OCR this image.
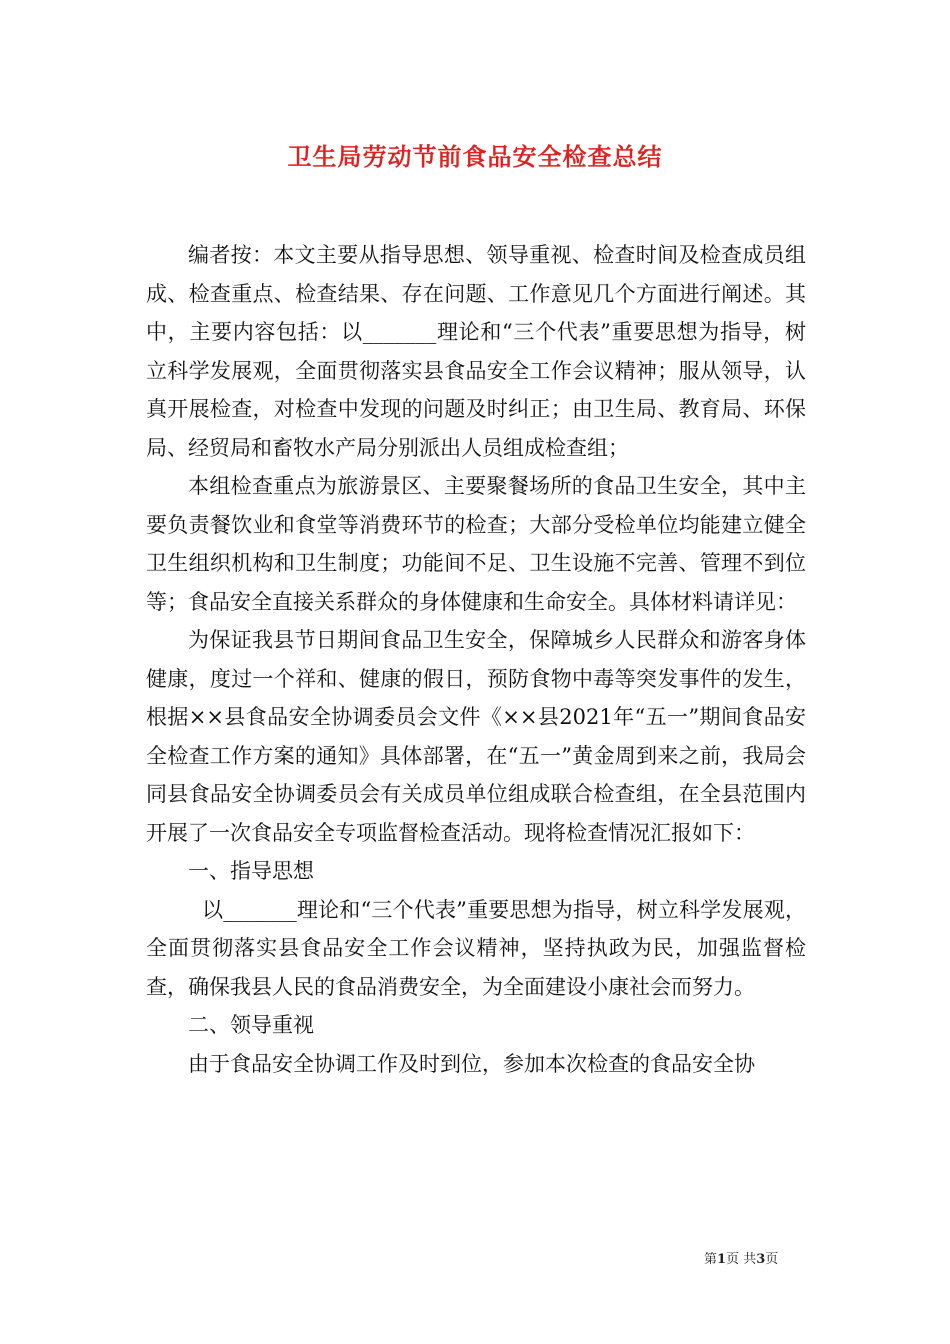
卫生局劳动节前食品安全检查总结

编者按：本文主要从指导思想、领导重视、检查时间及检查成员组成、检查重点、检查结果、存在问题、工作意见几个方面进行阐述。其中，主要内容包括：以_______理论和“三个代表”重要思想为指导，树立科学发展观，全面贯彻落实县食品安全工作会议精神；服从领导，认真开展检查，对检查中发现的问题及时纠正；由卫生局、教育局、环保局、经贸局和畜牧水产局分别派出人员组成检查组；

本组检查重点为旅游景区、主要聚餐场所的食品卫生安全，其中主要负责餐饮业和食堂等消费环节的检查；大部分受检单位均能建立健全卫生组织机构和卫生制度；功能间不足、卫生设施不完善、管理不到位等；食品安全直接关系群众的身体健康和生命安全。具体材料请详见：

为保证我县节日期间食品卫生安全，保障城乡人民群众和游客身体健康，度过一个祥和、健康的假日，预防食物中毒等突发事件的发生，根据××县食品安全协调委员会文件《××县2021年“五一”期间食品安全检查工作方案的通知》具体部署，在“五一”黄金周到来之前，我局会同县食品安全协调委员会有关成员单位组成联合检查组，在全县范围内开展了一次食品安全专项监督检查活动。现将检查情况汇报如下：

一、指导思想

以_______理论和“三个代表”重要思想为指导，树立科学发展观，全面贯彻落实县食品安全工作会议精神，坚持执政为民，加强监督检查，确保我县人民的食品消费安全，为全面建设小康社会而努力。

二、领导重视

由于食品安全协调工作及时到位，参加本次检查的食品安全协

第1页 共3页
